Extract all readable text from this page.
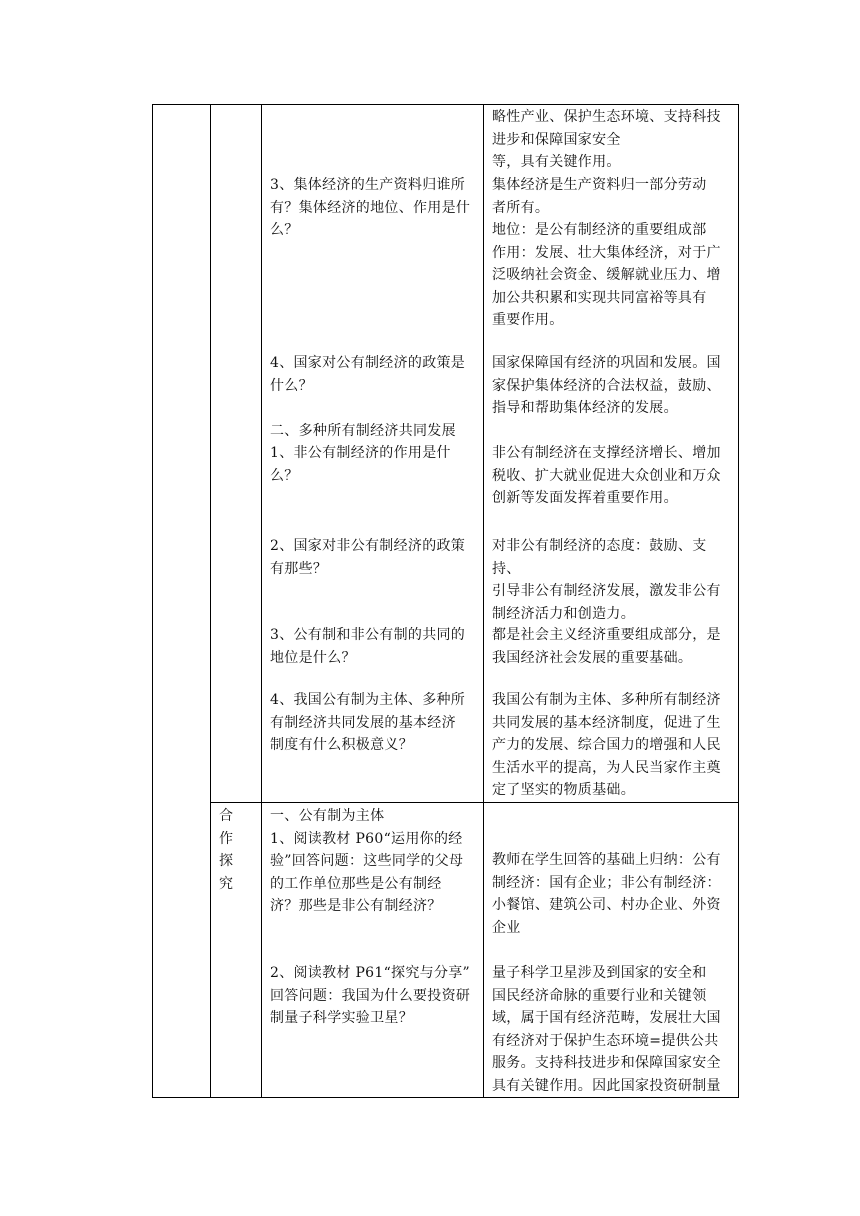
略性产业、保护生态环境、支持科技
进步和保障国家安全
等，具有关键作用。
3、集体经济的生产资料归谁所
有？集体经济的地位、作用是什
么？
集体经济是生产资料归一部分劳动
者所有。
地位：是公有制经济的重要组成部
作用：发展、壮大集体经济，对于广
泛吸纳社会资金、缓解就业压力、增
加公共积累和实现共同富裕等具有
重要作用。
4、国家对公有制经济的政策是
什么？

二、多种所有制经济共同发展
1、非公有制经济的作用是什
么？
国家保障国有经济的巩固和发展。国
家保护集体经济的合法权益，鼓励、
指导和帮助集体经济的发展。

非公有制经济在支撑经济增长、增加
税收、扩大就业促进大众创业和万众
创新等发面发挥着重要作用。
2、国家对非公有制经济的政策
有那些？
对非公有制经济的态度：鼓励、支持、
引导非公有制经济发展，激发非公有
制经济活力和创造力。
3、公有制和非公有制的共同的
地位是什么？
都是社会主义经济重要组成部分，是
我国经济社会发展的重要基础。
4、我国公有制为主体、多种所
有制经济共同发展的基本经济
制度有什么积极意义？
我国公有制为主体、多种所有制经济
共同发展的基本经济制度，促进了生
产力的发展、综合国力的增强和人民
生活水平的提高，为人民当家作主奠
定了坚实的物质基础。
合
作
探
究
一、公有制为主体
1、阅读教材 P60“运用你的经
验”回答问题：这些同学的父母
的工作单位那些是公有制经
济？那些是非公有制经济？
教师在学生回答的基础上归纳：公有
制经济：国有企业；非公有制经济：
小餐馆、建筑公司、村办企业、外资
企业
2、阅读教材 P61“探究与分享”
回答问题：我国为什么要投资研
制量子科学实验卫星？
量子科学卫星涉及到国家的安全和
国民经济命脉的重要行业和关键领
域，属于国有经济范畴，发展壮大国
有经济对于保护生态环境=提供公共
服务。支持科技进步和保障国家安全
具有关键作用。因此国家投资研制量
